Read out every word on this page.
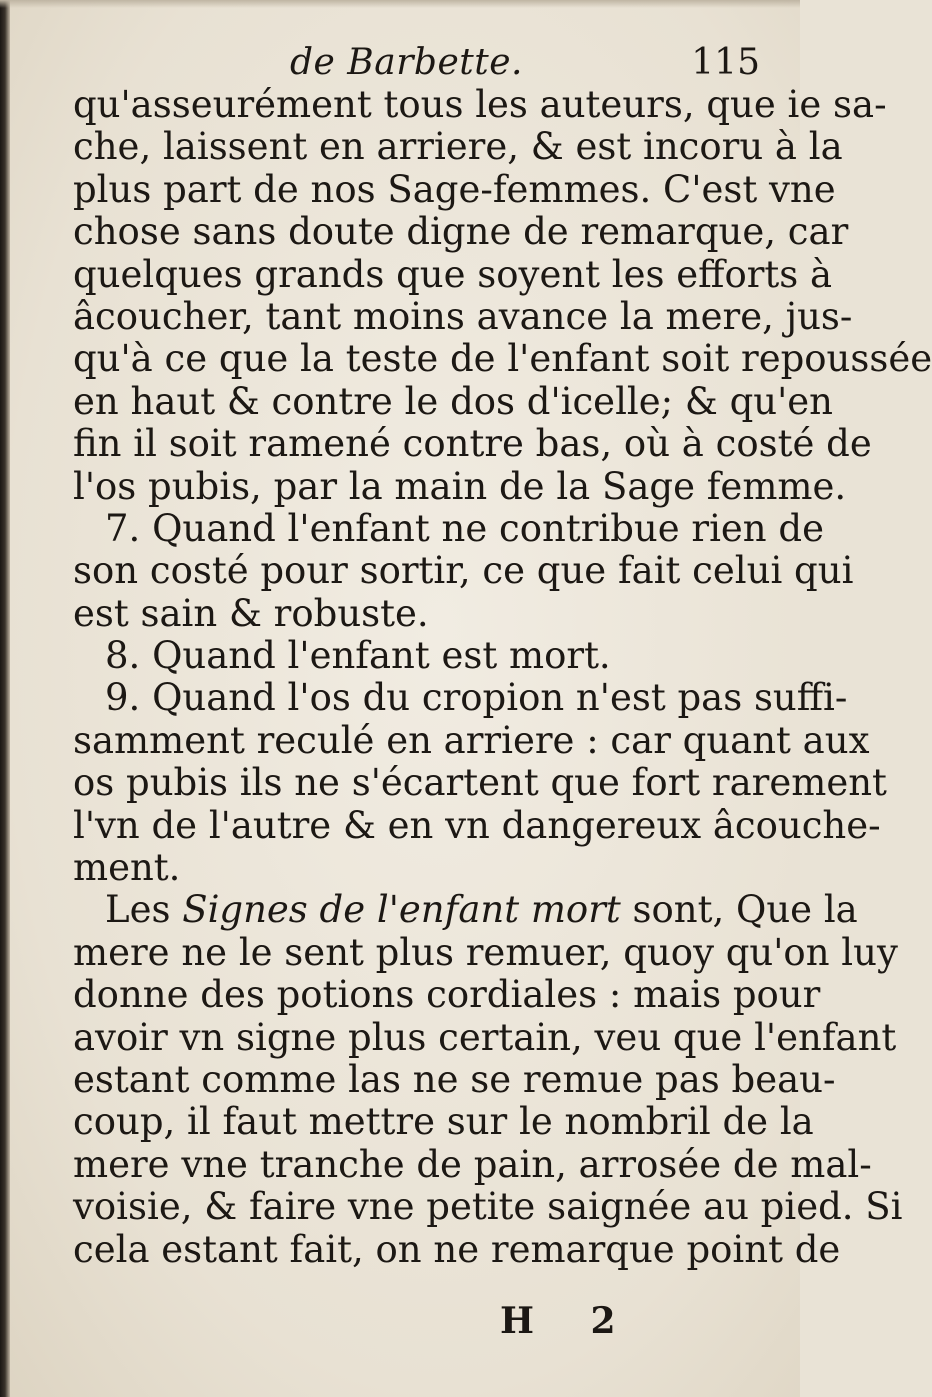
de Barbette.	115
qu'asseurément tous les auteurs, que ie sa-
che, laissent en arriere, & est incoru à la
plus part de nos Sage-femmes. C'est vne
chose sans doute digne de remarque, car
quelques grands que soyent les efforts à
âcoucher, tant moins avance la mere, jus-
qu'à ce que la teste de l'enfant soit repoussée
en haut & contre le dos d'icelle; & qu'en
fin il soit ramené contre bas, où à costé de
l'os pubis, par la main de la Sage femme.
7. Quand l'enfant ne contribue rien de
son costé pour sortir, ce que fait celui qui
est sain & robuste.
8. Quand l'enfant est mort.
9. Quand l'os du cropion n'est pas suffi-
samment reculé en arriere : car quant aux
os pubis ils ne s'écartent que fort rarement
l'vn de l'autre & en vn dangereux âcouche-
ment.
Les Signes de l'enfant mort sont, Que la
mere ne le sent plus remuer, quoy qu'on luy
donne des potions cordiales : mais pour
avoir vn signe plus certain, veu que l'enfant
estant comme las ne se remue pas beau-
coup, il faut mettre sur le nombril de la
mere vne tranche de pain, arrosée de mal-
voisie, & faire vne petite saignée au pied. Si
cela estant fait, on ne remarque point de
H 2
